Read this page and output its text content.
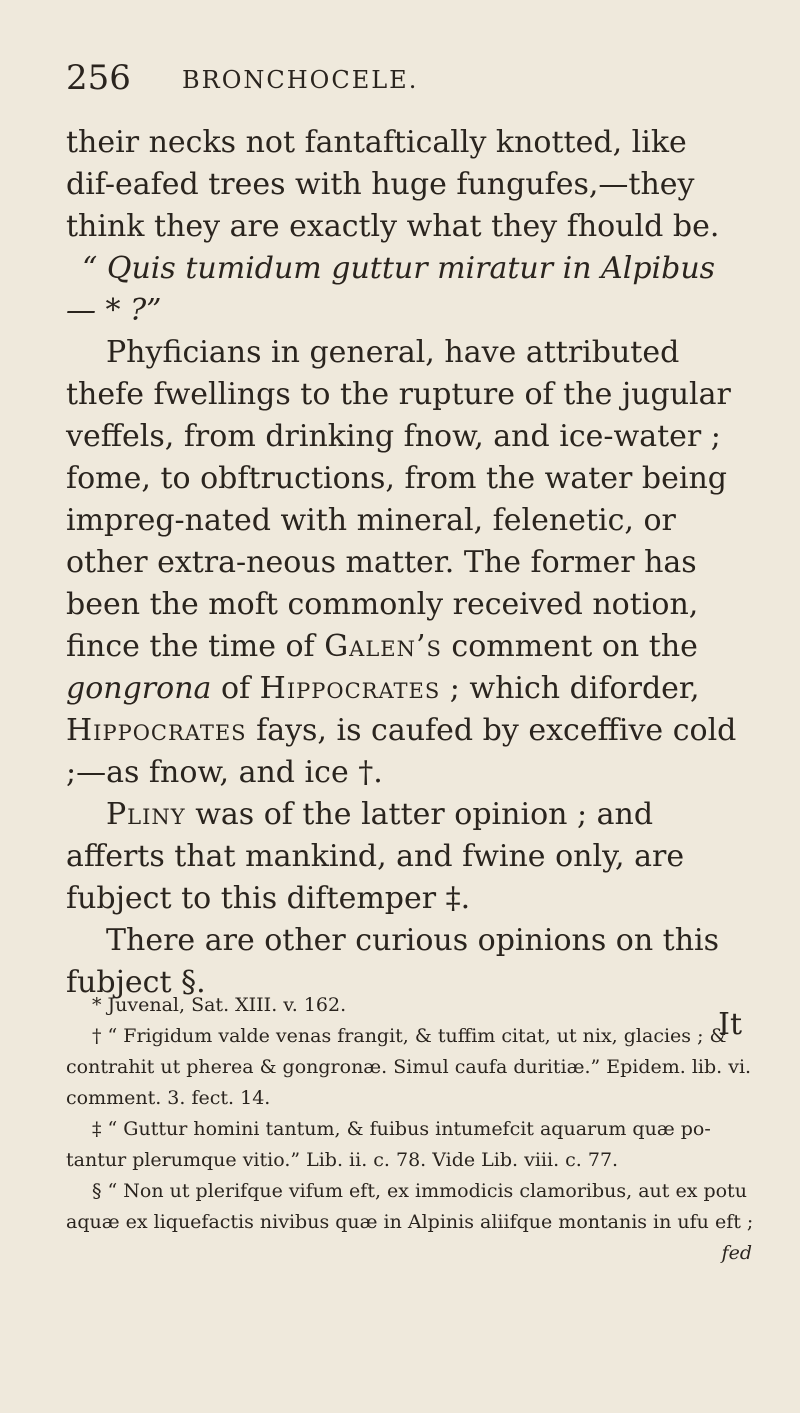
256 BRONCHOCELE.

their necks not fantaftically knotted, like dif-eafed trees with huge fungufes,—they think they are exactly what they fhould be.

“ Quis tumidum guttur miratur in Alpibus — * ?”

Phyficians in general, have attributed thefe fwellings to the rupture of the jugular veffels, from drinking fnow, and ice-water ; fome, to obftructions, from the water being impreg-nated with mineral, felenetic, or other extra-neous matter. The former has been the moft commonly received notion, fince the time of Galen’s comment on the gongrona of Hippocrates ; which diforder, Hippocrates fays, is caufed by exceffive cold ;—as fnow, and ice †.

Pliny was of the latter opinion ; and afferts that mankind, and fwine only, are fubject to this diftemper ‡.

There are other curious opinions on this fubject §.

It

* Juvenal, Sat. XIII. v. 162.

† “ Frigidum valde venas frangit, & tuffim citat, ut nix, glacies ; & contrahit ut pherea & gongronæ. Simul caufa duritiæ.” Epidem. lib. vi. comment. 3. fect. 14.

‡ “ Guttur homini tantum, & fuibus intumefcit aquarum quæ po-tantur plerumque vitio.” Lib. ii. c. 78. Vide Lib. viii. c. 77.

§ “ Non ut plerifque vifum eft, ex immodicis clamoribus, aut ex potu aquæ ex liquefactis nivibus quæ in Alpinis aliifque montanis in ufu eft ;

fed
